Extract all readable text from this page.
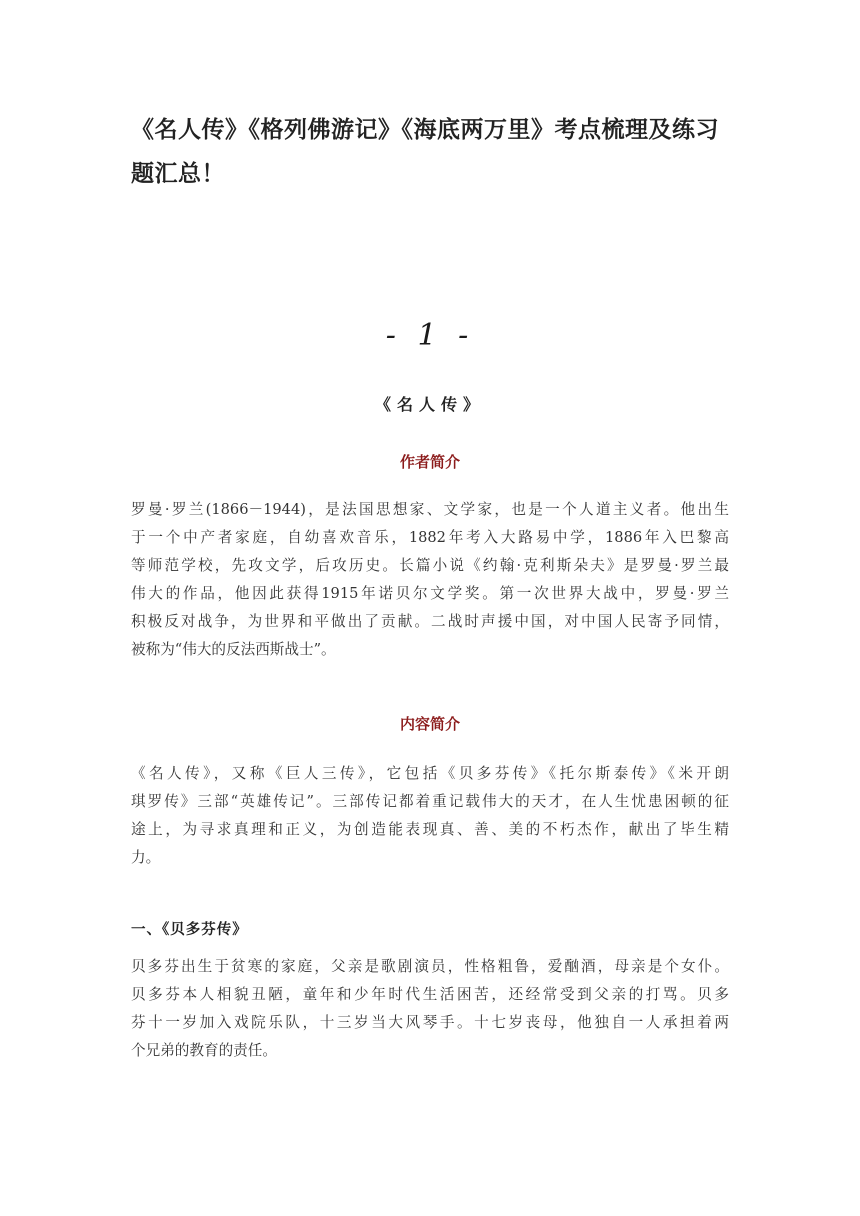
《名人传》《格列佛游记》《海底两万里》考点梳理及练习题汇总！
- 1 -
《名人传》
作者简介
罗曼·罗兰(1866－1944)，是法国思想家、文学家，也是一个人道主义者。他出生
于一个中产者家庭，自幼喜欢音乐，1882年考入大路易中学，1886年入巴黎高
等师范学校，先攻文学，后攻历史。长篇小说《约翰·克利斯朵夫》是罗曼·罗兰最
伟大的作品，他因此获得1915年诺贝尔文学奖。第一次世界大战中，罗曼·罗兰
积极反对战争，为世界和平做出了贡献。二战时声援中国，对中国人民寄予同情，
被称为“伟大的反法西斯战士”。
内容简介
《名人传》，又称《巨人三传》，它包括《贝多芬传》《托尔斯泰传》《米开朗
琪罗传》三部“英雄传记”。三部传记都着重记载伟大的天才，在人生忧患困顿的征
途上，为寻求真理和正义，为创造能表现真、善、美的不朽杰作，献出了毕生精
力。
一、《贝多芬传》
贝多芬出生于贫寒的家庭，父亲是歌剧演员，性格粗鲁，爱酗酒，母亲是个女仆。
贝多芬本人相貌丑陋，童年和少年时代生活困苦，还经常受到父亲的打骂。贝多
芬十一岁加入戏院乐队，十三岁当大风琴手。十七岁丧母，他独自一人承担着两
个兄弟的教育的责任。
